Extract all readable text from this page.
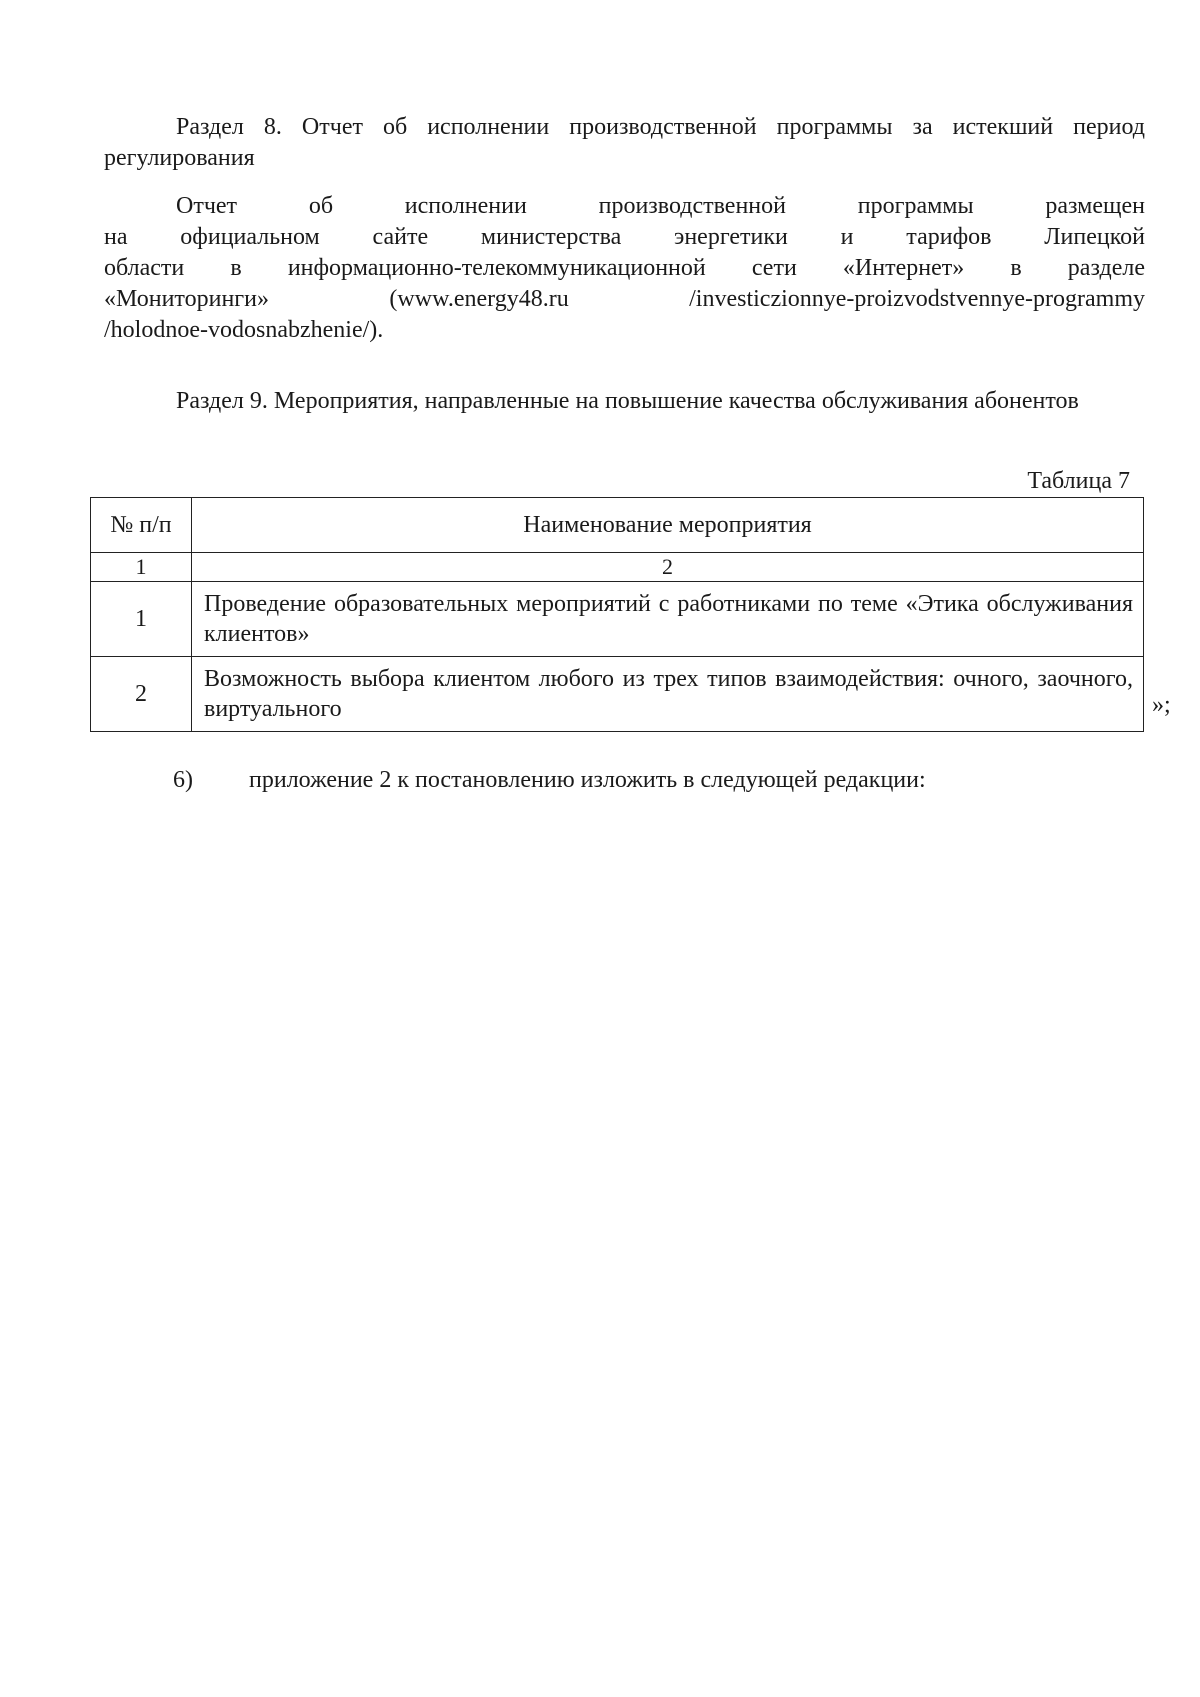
Раздел 8. Отчет об исполнении производственной программы за истекший период регулирования
Отчет об исполнении производственной программы размещен
на официальном сайте министерства энергетики и тарифов Липецкой
области в информационно-телекоммуникационной сети «Интернет» в разделе
«Мониторинги» (www.energy48.ru /investiczionnye-proizvodstvennye-programmy
/holodnoe-vodosnabzhenie/).
Раздел 9. Мероприятия, направленные на повышение качества обслуживания абонентов
Таблица 7
№ п/п	Наименование мероприятия
1	2
1	Проведение образовательных мероприятий с работниками по теме «Этика обслуживания клиентов»
2	Возможность выбора клиентом любого из трех типов взаимодействия: очного, заочного, виртуального	»;
6) приложение 2 к постановлению изложить в следующей редакции:
